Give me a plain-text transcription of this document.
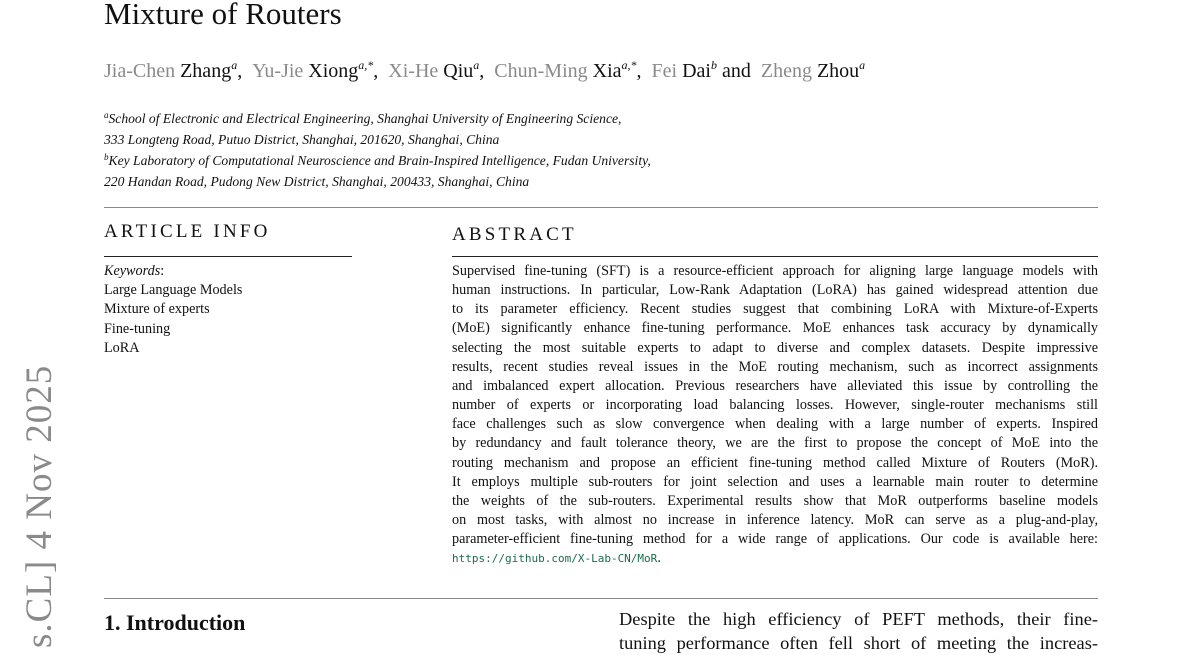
s.CL] 4 Nov 2025
Mixture of Routers
Jia-Chen Zhang$^a$,  Yu-Jie Xiong$^{a,*}$,  Xi-He Qiu$^a$,  Chun-Ming Xia$^{a,*}$,  Fei Dai$^b$ and  Zheng Zhou$^a$
$^a$School of Electronic and Electrical Engineering, Shanghai University of Engineering Science,
333 Longteng Road, Putuo District, Shanghai, 201620, Shanghai, China
$^b$Key Laboratory of Computational Neuroscience and Brain-Inspired Intelligence, Fudan University,
220 Handan Road, Pudong New District, Shanghai, 200433, Shanghai, China
ARTICLE INFO	ABSTRACT
Keywords:
Large Language Models
Mixture of experts
Fine-tuning
LoRA
Supervised fine-tuning (SFT) is a resource-efficient approach for aligning large language models with
human instructions. In particular, Low-Rank Adaptation (LoRA) has gained widespread attention due
to its parameter efficiency. Recent studies suggest that combining LoRA with Mixture-of-Experts
(MoE) significantly enhance fine-tuning performance. MoE enhances task accuracy by dynamically
selecting the most suitable experts to adapt to diverse and complex datasets. Despite impressive
results, recent studies reveal issues in the MoE routing mechanism, such as incorrect assignments
and imbalanced expert allocation. Previous researchers have alleviated this issue by controlling the
number of experts or incorporating load balancing losses. However, single-router mechanisms still
face challenges such as slow convergence when dealing with a large number of experts. Inspired
by redundancy and fault tolerance theory, we are the first to propose the concept of MoE into the
routing mechanism and propose an efficient fine-tuning method called Mixture of Routers (MoR).
It employs multiple sub-routers for joint selection and uses a learnable main router to determine
the weights of the sub-routers. Experimental results show that MoR outperforms baseline models
on most tasks, with almost no increase in inference latency. MoR can serve as a plug-and-play,
parameter-efficient fine-tuning method for a wide range of applications. Our code is available here:
https://github.com/X-Lab-CN/MoR.
1. Introduction	Despite the high efficiency of PEFT methods, their fine-
tuning performance often fell short of meeting the increas-
